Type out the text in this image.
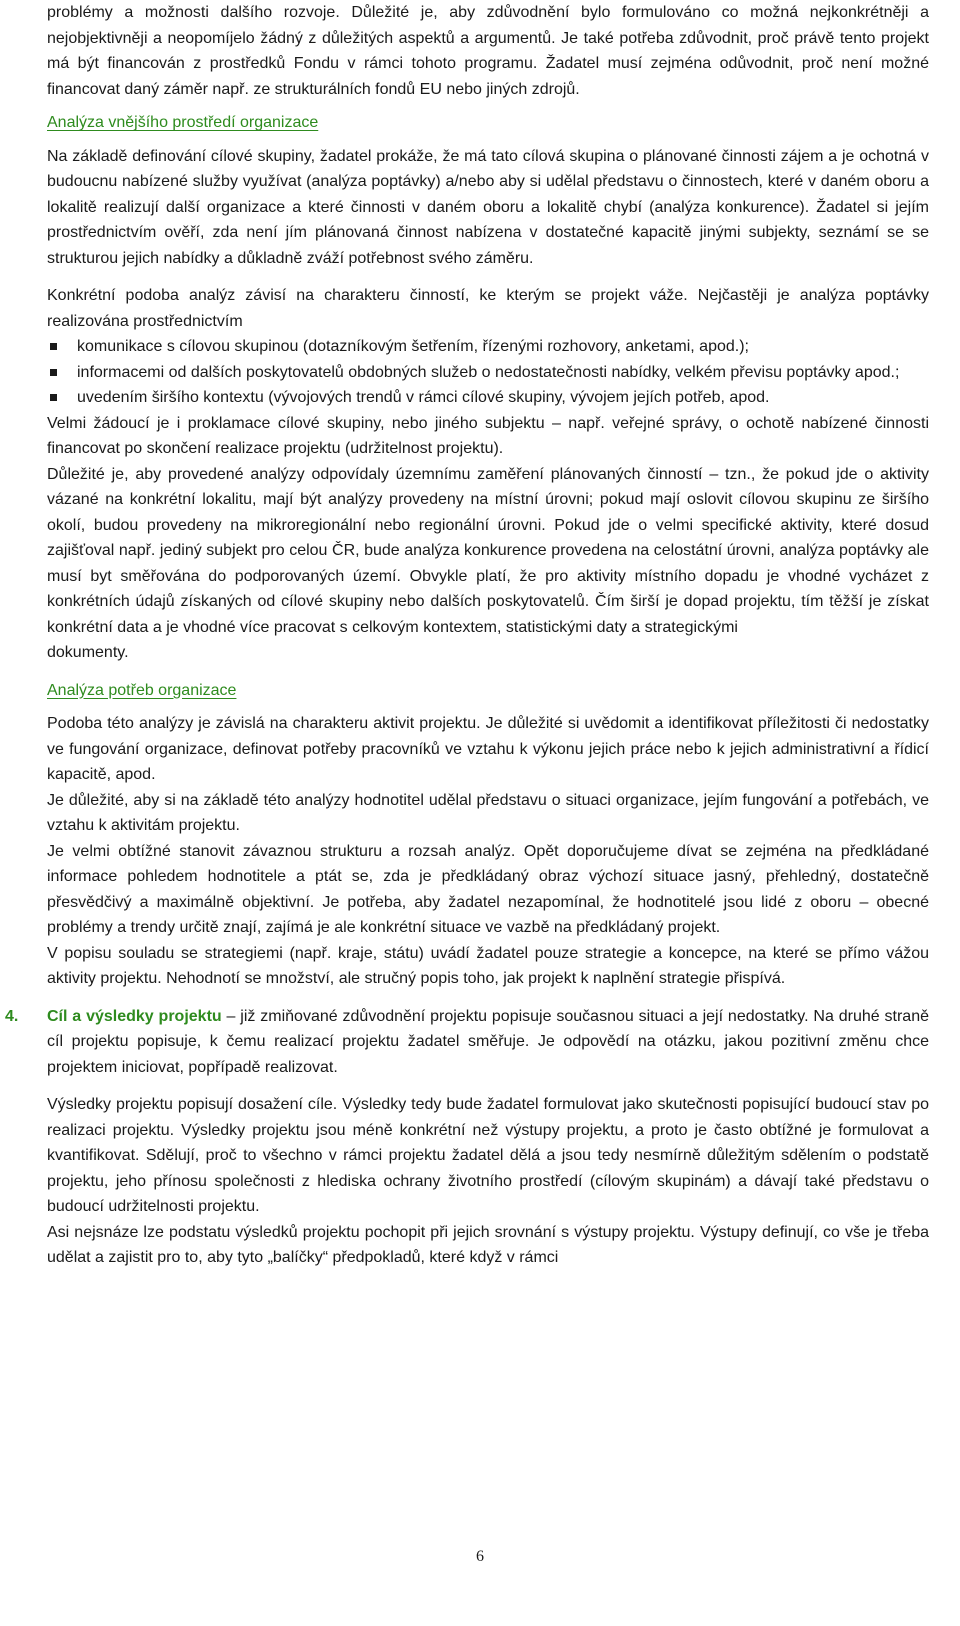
problémy a možnosti dalšího rozvoje. Důležité je, aby zdůvodnění bylo formulováno co možná nejkonkrétněji a nejobjektivněji a neopomíjelo žádný z důležitých aspektů a argumentů. Je také potřeba zdůvodnit, proč právě tento projekt má být financován z prostředků Fondu v rámci tohoto programu. Žadatel musí zejména odůvodnit, proč není možné financovat daný záměr např. ze strukturálních fondů EU nebo jiných zdrojů.

Analýza vnějšího prostředí organizace

Na základě definování cílové skupiny, žadatel prokáže, že má tato cílová skupina o plánované činnosti zájem a je ochotná v budoucnu nabízené služby využívat (analýza poptávky) a/nebo aby si udělal představu o činnostech, které v daném oboru a lokalitě realizují další organizace a které činnosti v daném oboru a lokalitě chybí (analýza konkurence). Žadatel si jejím prostřednictvím ověří, zda není jím plánovaná činnost nabízena v dostatečné kapacitě jinými subjekty, seznámí se se strukturou jejich nabídky a důkladně zváží potřebnost svého záměru.

Konkrétní podoba analýz závisí na charakteru činností, ke kterým se projekt váže. Nejčastěji je analýza poptávky realizována prostřednictvím

komunikace s cílovou skupinou (dotazníkovým šetřením, řízenými rozhovory, anketami, apod.);
informacemi od dalších poskytovatelů obdobných služeb o nedostatečnosti nabídky, velkém převisu poptávky apod.;
uvedením širšího kontextu (vývojových trendů v rámci cílové skupiny, vývojem jejích potřeb, apod.

Velmi žádoucí je i proklamace cílové skupiny, nebo jiného subjektu – např. veřejné správy, o ochotě nabízené činnosti financovat po skončení realizace projektu (udržitelnost projektu).

Důležité je, aby provedené analýzy odpovídaly územnímu zaměření plánovaných činností – tzn., že pokud jde o aktivity vázané na konkrétní lokalitu, mají být analýzy provedeny na místní úrovni; pokud mají oslovit cílovou skupinu ze širšího okolí, budou provedeny na mikroregionální nebo regionální úrovni. Pokud jde o velmi specifické aktivity, které dosud zajišťoval např. jediný subjekt pro celou ČR, bude analýza konkurence provedena na celostátní úrovni, analýza poptávky ale musí byt směřována do podporovaných území. Obvykle platí, že pro aktivity místního dopadu je vhodné vycházet z konkrétních údajů získaných od cílové skupiny nebo dalších poskytovatelů. Čím širší je dopad projektu, tím těžší je získat konkrétní data a je vhodné více pracovat s celkovým kontextem, statistickými daty a strategickými

dokumenty.

Analýza potřeb organizace

Podoba této analýzy je závislá na charakteru aktivit projektu. Je důležité si uvědomit a identifikovat příležitosti či nedostatky ve fungování organizace, definovat potřeby pracovníků ve vztahu k výkonu jejich práce nebo k jejich administrativní a řídicí kapacitě, apod.

Je důležité, aby si na základě této analýzy hodnotitel udělal představu o situaci organizace, jejím fungování a potřebách, ve vztahu k aktivitám projektu.

Je velmi obtížné stanovit závaznou strukturu a rozsah analýz. Opět doporučujeme dívat se zejména na předkládané informace pohledem hodnotitele a ptát se, zda je předkládaný obraz výchozí situace jasný, přehledný, dostatečně přesvědčivý a maximálně objektivní. Je potřeba, aby žadatel nezapomínal, že hodnotitelé jsou lidé z oboru – obecné problémy a trendy určitě znají, zajímá je ale konkrétní situace ve vazbě na předkládaný projekt.

V popisu souladu se strategiemi (např. kraje, státu) uvádí žadatel pouze strategie a koncepce, na které se přímo vážou aktivity projektu. Nehodnotí se množství, ale stručný popis toho, jak projekt k naplnění strategie přispívá.

4. Cíl a výsledky projektu – již zmiňované zdůvodnění projektu popisuje současnou situaci a její nedostatky. Na druhé straně cíl projektu popisuje, k čemu realizací projektu žadatel směřuje. Je odpovědí na otázku, jakou pozitivní změnu chce projektem iniciovat, popřípadě realizovat.

Výsledky projektu popisují dosažení cíle. Výsledky tedy bude žadatel formulovat jako skutečnosti popisující budoucí stav po realizaci projektu. Výsledky projektu jsou méně konkrétní než výstupy projektu, a proto je často obtížné je formulovat a kvantifikovat. Sdělují, proč to všechno v rámci projektu žadatel dělá a jsou tedy nesmírně důležitým sdělením o podstatě projektu, jeho přínosu společnosti z hlediska ochrany životního prostředí (cílovým skupinám) a dávají také představu o budoucí udržitelnosti projektu.

Asi nejsnáze lze podstatu výsledků projektu pochopit při jejich srovnání s výstupy projektu. Výstupy definují, co vše je třeba udělat a zajistit pro to, aby tyto „balíčky“ předpokladů, které když v rámci

6
